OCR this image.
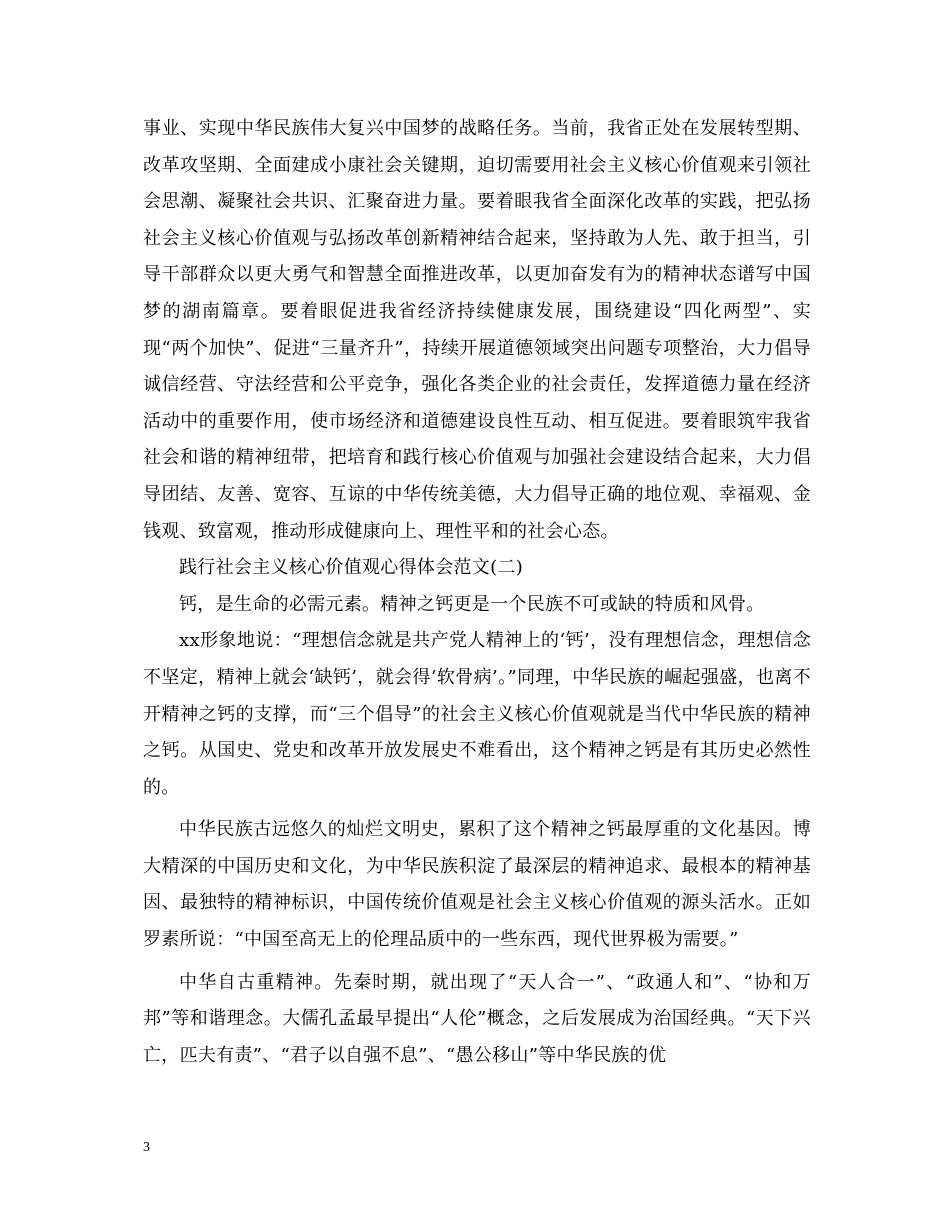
事业、实现中华民族伟大复兴中国梦的战略任务。当前，我省正处在发展转型期、改革攻坚期、全面建成小康社会关键期，迫切需要用社会主义核心价值观来引领社会思潮、凝聚社会共识、汇聚奋进力量。要着眼我省全面深化改革的实践，把弘扬社会主义核心价值观与弘扬改革创新精神结合起来，坚持敢为人先、敢于担当，引导干部群众以更大勇气和智慧全面推进改革，以更加奋发有为的精神状态谱写中国梦的湖南篇章。要着眼促进我省经济持续健康发展，围绕建设“四化两型”、实现“两个加快”、促进“三量齐升”，持续开展道德领域突出问题专项整治，大力倡导诚信经营、守法经营和公平竞争，强化各类企业的社会责任，发挥道德力量在经济活动中的重要作用，使市场经济和道德建设良性互动、相互促进。要着眼筑牢我省社会和谐的精神纽带，把培育和践行核心价值观与加强社会建设结合起来，大力倡导团结、友善、宽容、互谅的中华传统美德，大力倡导正确的地位观、幸福观、金钱观、致富观，推动形成健康向上、理性平和的社会心态。

践行社会主义核心价值观心得体会范文(二)

钙，是生命的必需元素。精神之钙更是一个民族不可或缺的特质和风骨。

xx形象地说：“理想信念就是共产党人精神上的‘钙’，没有理想信念，理想信念不坚定，精神上就会‘缺钙’，就会得‘软骨病’。”同理，中华民族的崛起强盛，也离不开精神之钙的支撑，而“三个倡导”的社会主义核心价值观就是当代中华民族的精神之钙。从国史、党史和改革开放发展史不难看出，这个精神之钙是有其历史必然性的。

中华民族古远悠久的灿烂文明史，累积了这个精神之钙最厚重的文化基因。博大精深的中国历史和文化，为中华民族积淀了最深层的精神追求、最根本的精神基因、最独特的精神标识，中国传统价值观是社会主义核心价值观的源头活水。正如罗素所说：“中国至高无上的伦理品质中的一些东西，现代世界极为需要。”

中华自古重精神。先秦时期，就出现了“天人合一”、“政通人和”、“协和万邦”等和谐理念。大儒孔孟最早提出“人伦”概念，之后发展成为治国经典。“天下兴亡，匹夫有责”、“君子以自强不息”、“愚公移山”等中华民族的优

3
